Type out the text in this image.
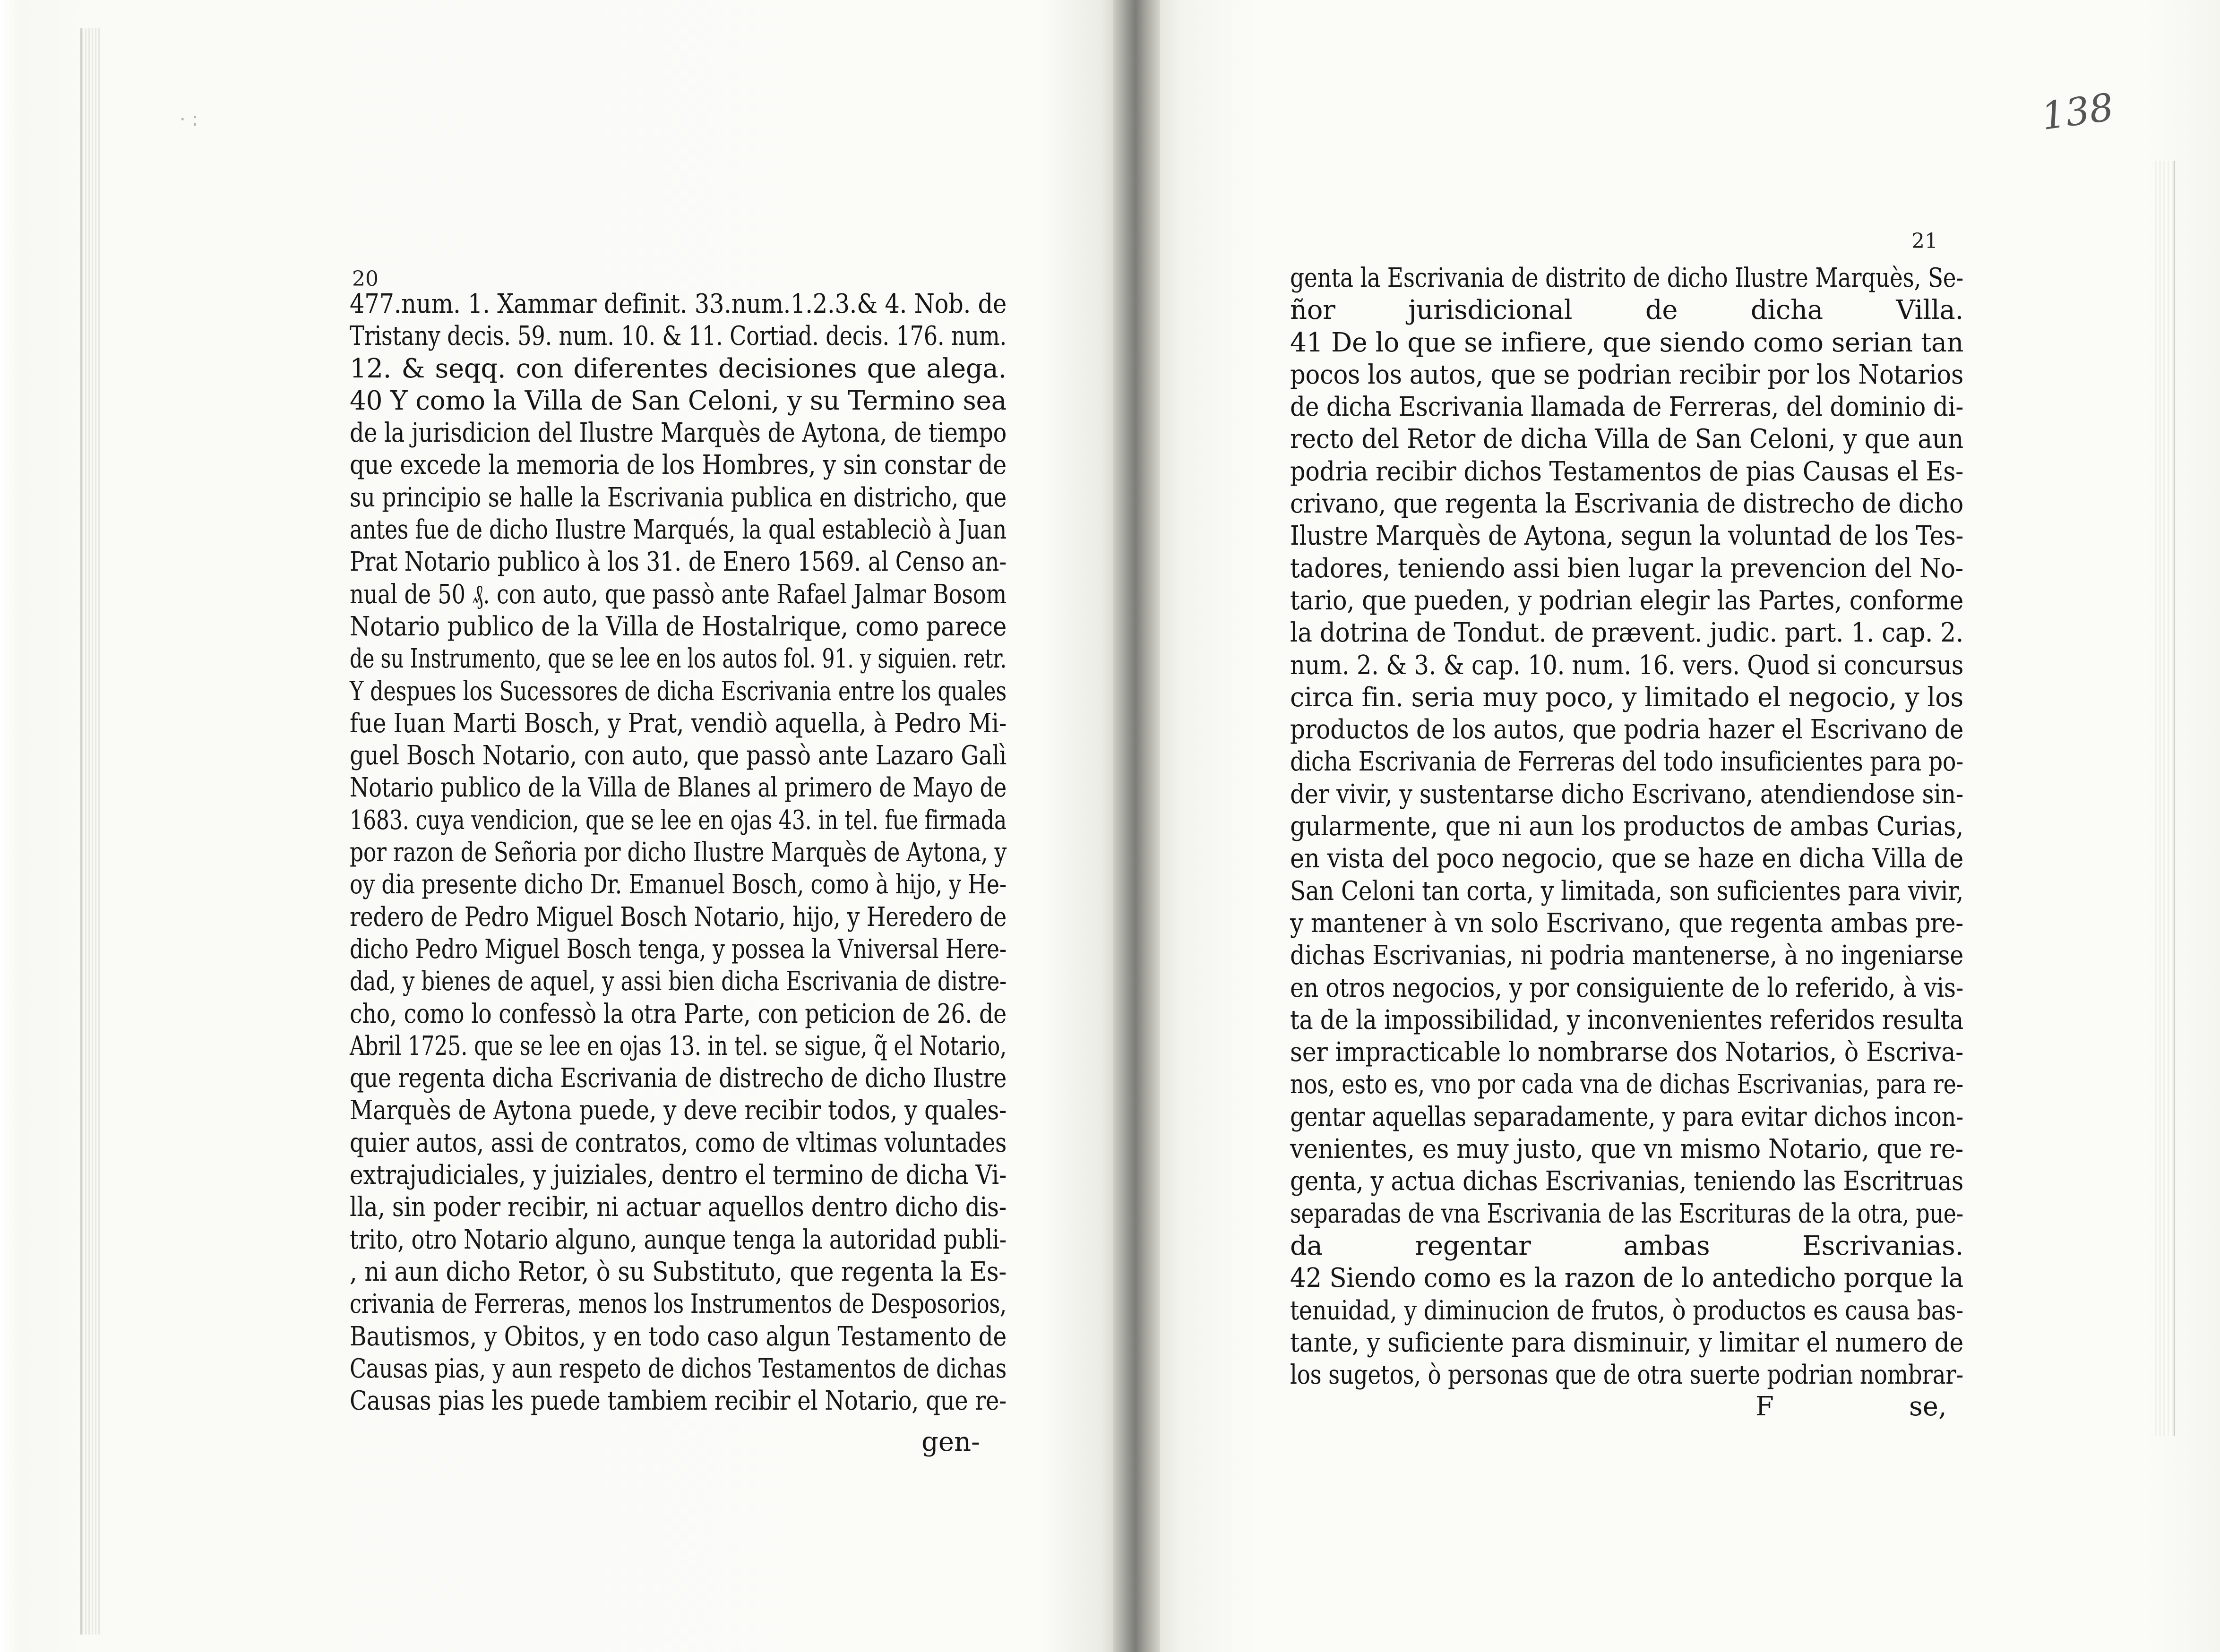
· :
20
477.num. 1. Xammar definit. 33.num.1.2.3.& 4. Nob. de
Tristany decis. 59. num. 10. & 11. Cortiad. decis. 176. num.
12. & seqq. con diferentes decisiones que alega.
40 Y como la Villa de San Celoni, y su Termino sea
de la jurisdicion del Ilustre Marquès de Aytona, de tiempo
que excede la memoria de los Hombres, y sin constar de
su principio se halle la Escrivania publica en districho, que
antes fue de dicho Ilustre Marqués, la qual estableciò à Juan
Prat Notario publico à los 31. de Enero 1569. al Censo an-
nual de 50 ₰. con auto, que passò ante Rafael Jalmar Bosom
Notario publico de la Villa de Hostalrique, como parece
de su Instrumento, que se lee en los autos fol. 91. y siguien. retr.
Y despues los Sucessores de dicha Escrivania entre los quales
fue Iuan Marti Bosch, y Prat, vendiò aquella, à Pedro Mi-
guel Bosch Notario, con auto, que passò ante Lazaro Galì
Notario publico de la Villa de Blanes al primero de Mayo de
1683. cuya vendicion, que se lee en ojas 43. in tel. fue firmada
por razon de Señoria por dicho Ilustre Marquès de Aytona, y
oy dia presente dicho Dr. Emanuel Bosch, como à hijo, y He-
redero de Pedro Miguel Bosch Notario, hijo, y Heredero de
dicho Pedro Miguel Bosch tenga, y possea la Vniversal Here-
dad, y bienes de aquel, y assi bien dicha Escrivania de distre-
cho, como lo confessò la otra Parte, con peticion de 26. de
Abril 1725. que se lee en ojas 13. in tel. se sigue, q̃ el Notario,
que regenta dicha Escrivania de distrecho de dicho Ilustre
Marquès de Aytona puede, y deve recibir todos, y quales-
quier autos, assi de contratos, como de vltimas voluntades
extrajudiciales, y juiziales, dentro el termino de dicha Vi-
lla, sin poder recibir, ni actuar aquellos dentro dicho dis-
trito, otro Notario alguno, aunque tenga la autoridad publi-
, ni aun dicho Retor, ò su Substituto, que regenta la Es-
crivania de Ferreras, menos los Instrumentos de Desposorios,
Bautismos, y Obitos, y en todo caso algun Testamento de
Causas pias, y aun respeto de dichos Testamentos de dichas
Causas pias les puede tambiem recibir el Notario, que re-
gen-
138
21
genta la Escrivania de distrito de dicho Ilustre Marquès, Se-
ñor jurisdicional de dicha Villa.
41 De lo que se infiere, que siendo como serian tan
pocos los autos, que se podrian recibir por los Notarios
de dicha Escrivania llamada de Ferreras, del dominio di-
recto del Retor de dicha Villa de San Celoni, y que aun
podria recibir dichos Testamentos de pias Causas el Es-
crivano, que regenta la Escrivania de distrecho de dicho
Ilustre Marquès de Aytona, segun la voluntad de los Tes-
tadores, teniendo assi bien lugar la prevencion del No-
tario, que pueden, y podrian elegir las Partes, conforme
la dotrina de Tondut. de prævent. judic. part. 1. cap. 2.
num. 2. & 3. & cap. 10. num. 16. vers. Quod si concursus
circa fin. seria muy poco, y limitado el negocio, y los
productos de los autos, que podria hazer el Escrivano de
dicha Escrivania de Ferreras del todo insuficientes para po-
der vivir, y sustentarse dicho Escrivano, atendiendose sin-
gularmente, que ni aun los productos de ambas Curias,
en vista del poco negocio, que se haze en dicha Villa de
San Celoni tan corta, y limitada, son suficientes para vivir,
y mantener à vn solo Escrivano, que regenta ambas pre-
dichas Escrivanias, ni podria mantenerse, à no ingeniarse
en otros negocios, y por consiguiente de lo referido, à vis-
ta de la impossibilidad, y inconvenientes referidos resulta
ser impracticable lo nombrarse dos Notarios, ò Escriva-
nos, esto es, vno por cada vna de dichas Escrivanias, para re-
gentar aquellas separadamente, y para evitar dichos incon-
venientes, es muy justo, que vn mismo Notario, que re-
genta, y actua dichas Escrivanias, teniendo las Escritruas
separadas de vna Escrivania de las Escrituras de la otra, pue-
da regentar ambas Escrivanias.
42 Siendo como es la razon de lo antedicho porque la
tenuidad, y diminucion de frutos, ò productos es causa bas-
tante, y suficiente para disminuir, y limitar el numero de
los sugetos, ò personas que de otra suerte podrian nombrar-
F	se,
